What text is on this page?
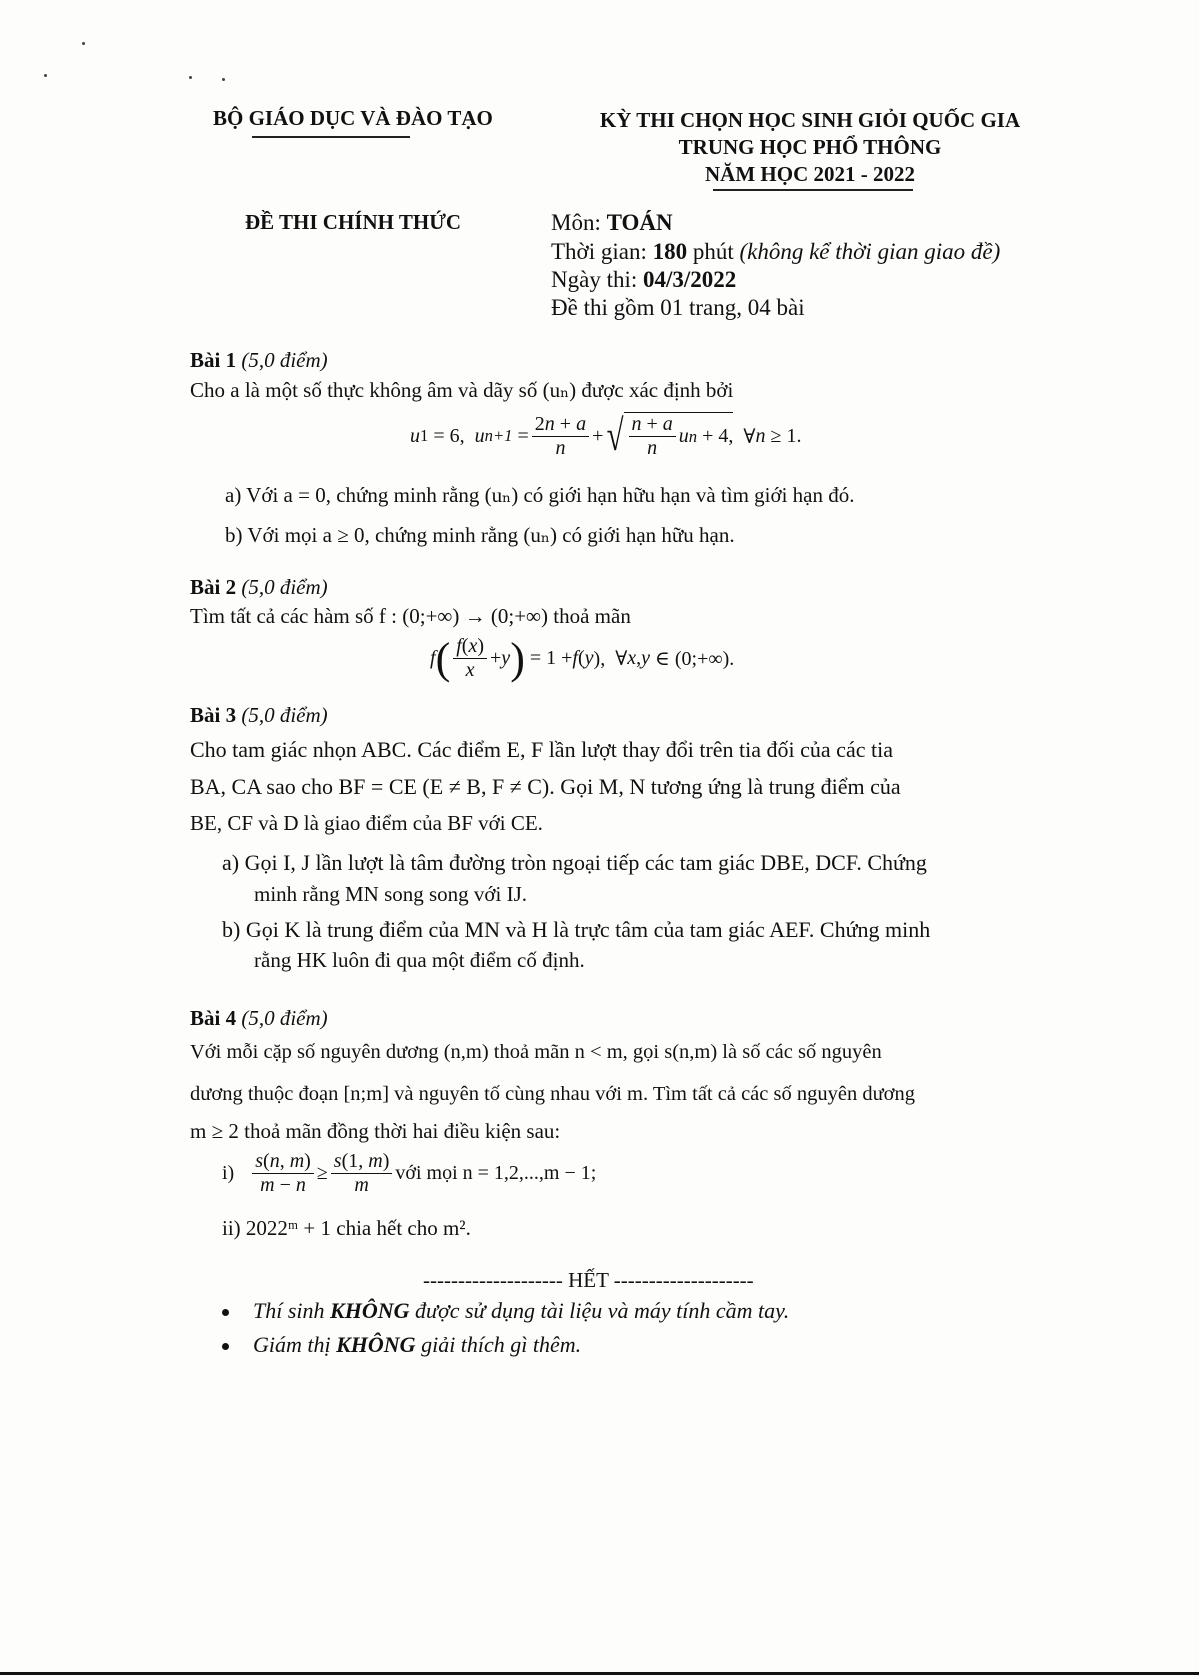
BỘ GIÁO DỤC VÀ ĐÀO TẠO	KỲ THI CHỌN HỌC SINH GIỎI QUỐC GIA
TRUNG HỌC PHỔ THÔNG
NĂM HỌC 2021 - 2022
ĐỀ THI CHÍNH THỨC	Môn: TOÁN
Thời gian: 180 phút (không kể thời gian giao đề)
Ngày thi: 04/3/2022
Đề thi gồm 01 trang, 04 bài
Bài 1 (5,0 điểm)
Cho a là một số thực không âm và dãy số (uₙ) được xác định bởi
u 1 = 6, u $n+1 = \frac{2n + a}{n}$ + √ $\frac{n + a}{n}$ u n + 4, ∀ n ≥ 1.
a) Với a = 0, chứng minh rằng (uₙ) có giới hạn hữu hạn và tìm giới hạn đó.
b) Với mọi a ≥ 0, chứng minh rằng (uₙ) có giới hạn hữu hạn.
Bài 2 (5,0 điểm)
Tìm tất cả các hàm số f : (0;+∞) → (0;+∞) thoả mãn
f ( $\frac{f(x)}{x} + y$ ) = 1 + f ( y ),  ∀ x , y ∈ (0;+∞).
Bài 3 (5,0 điểm)
Cho tam giác nhọn ABC. Các điểm E, F lần lượt thay đổi trên tia đối của các tia
BA, CA sao cho BF = CE (E ≠ B, F ≠ C). Gọi M, N tương ứng là trung điểm của
BE, CF và D là giao điểm của BF với CE.
a) Gọi I, J lần lượt là tâm đường tròn ngoại tiếp các tam giác DBE, DCF. Chứng
minh rằng MN song song với IJ.
b) Gọi K là trung điểm của MN và H là trực tâm của tam giác AEF. Chứng minh
rằng HK luôn đi qua một điểm cố định.
Bài 4 (5,0 điểm)
Với mỗi cặp số nguyên dương (n,m) thoả mãn n < m, gọi s(n,m) là số các số nguyên
dương thuộc đoạn [n;m] và nguyên tố cùng nhau với m. Tìm tất cả các số nguyên dương
m ≥ 2 thoả mãn đồng thời hai điều kiện sau:
i)
$\frac{s(n, m)}{m - n} \ge \frac{s(1, m)}{m}$ với mọi n = 1,2,...,m − 1;
ii) 2022ᵐ + 1 chia hết cho m².
-------------------- HẾT --------------------
Thí sinh KHÔNG được sử dụng tài liệu và máy tính cầm tay.
Giám thị KHÔNG giải thích gì thêm.
